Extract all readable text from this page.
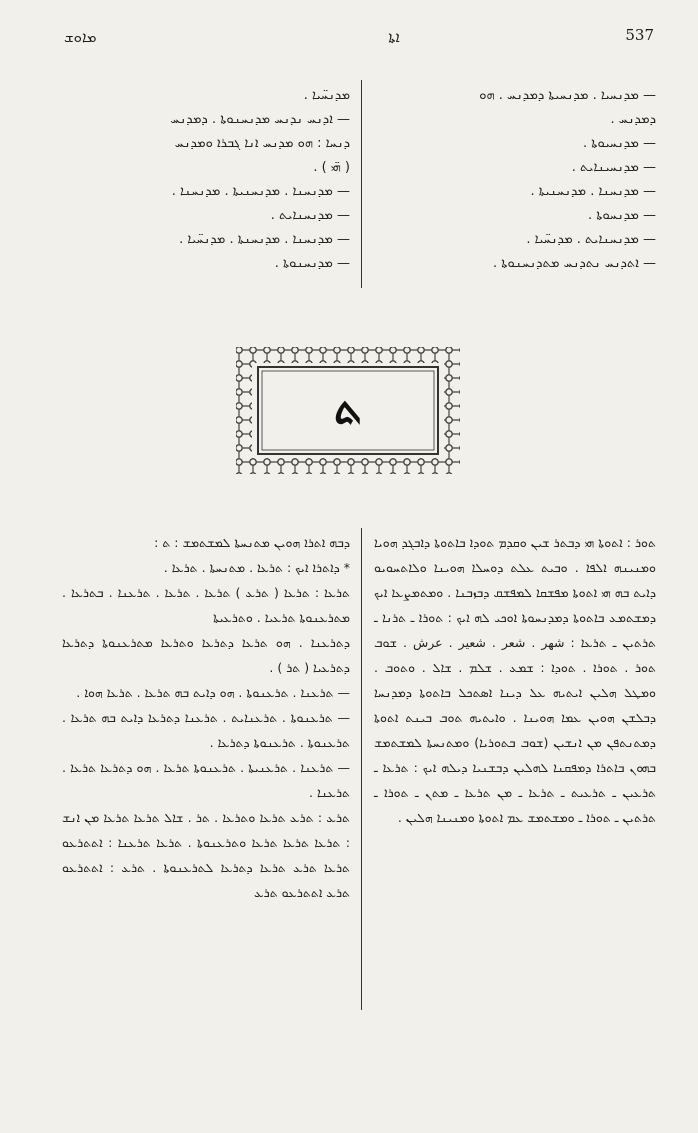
ܡܐܘܫ	ܐܬܐ	537
— ܡܕܢܚܝܐ . ܡܕܢܚܝܬܐ ܕܡܕܢܚ . ܗܘ
ܕܡܕܢܚ .
— ܡܕܢܚܝܘܬܐ .
— ܡܕܢܚܝܢܐܝܬ .
— ܡܕܢܚܢܐ . ܡܕܢܚܢܝܬܐ .
— ܡܕܢܚܘܬܐ .
— ܡܕܢܚܢܐܝܬ . ܡܕܢܚ̈ܝܐ .
— ܐܬܕܢܚ ܢܬܕܢܚ ܡܬܕܢܚܢܘܬܐ .
ܡܕܢܚ̈ܝܐ .
— ܐܕܢܚ ܢܕܢܚ ܡܕܢܚܢܘܬܐ . ܕܡܕܢܚ
ܕܢܚܐ : ܗܘ ܡܕܢܚ ܐܢܐ ܓܒܪܐ ܘܡܕܢܚ
( ܗ̈ܝ ) .
— ܡܕܢܚܢܐ . ܡܕܢܚܢܝܬܐ . ܡܕܢܚܢܐ .
— ܡܕܢܚܢܐܝܬ .
— ܡܕܢܚܢܐ . ܡܕܢܚܢܬܐ . ܡܕܢܚ̈ܝܐ .
— ܡܕܢܚܢܘܬܐ .
ܬ

ܬܘܪ : ܐܬܘܬܐ ܗܝ ܕܒܬܪ ܫܝܢ ܘܩܕܡ ܬܘܕܐ ܒܐܬܘܬܐ ܕܐܒܓܕ ܗܘܝܐ ܘܡܢܝܢܗ ܐܠܦܐ . ܘܒܝܬ ܥܠܬ ܕܘܚܠܐ ܗܘܝܢܐ ܘܠܐܬܚܘܝܘ ܕܐܝܬ ܒܗ ܗܝ ܐܬܘܬܐ ܡܦܫܩܐ ܠܡܦܫܩ ܕܒܙܒܢܐ . ܘܡܬܡܨܥܐ ܐܝܟ ܕܡܫܬܡܥ ܒܐܬܘܬܐ ܕܡܕܢܚܘܬܐ ܐܘܟܝ ܠܗ ܐܝܟ : ܬܘܪܐ ـ ܬܪܢܐ ـ ܬܪܬܝܢ ـ ܬܪܥܐ : شهر . شعر . شعير . عرش . ܫܘܒ ܬܘܪ . ܬܘܪܐ . ܬܘܕܐ : ܫܡܥ . ܫܠܡ . ܫܐܠ . ܘܬܘܒ . ܘܡܛܠ ܗܠܝܢ ܐܝܬܝܗ ܥܠ ܕܝܢܐ ܐܣܬܟܠ ܒܐܬܘܬܐ ܕܡܕܢܚܐ ܕܒܠܫܢ ܗܘܝܢ ܥܡܐ ܗܘܝܢܐ . ܘܐܝܬܝܗ ܬܘܒ ܒܝܢܬ ܐܬܘܬܐ ܕܡܬܢܬܦܢ ܡܢ ܐܢܫܝܢ (ܫܘܒ ܒܬܘܪܝܐ) ܘܡܬܢܚܬܐ ܠܡܫܬܡܫ ܒܗܘܢ ܒܐܬܪܐ ܕܡܦܩܢܐ ܠܗܠܝܢ ܕܒܫܢܝܐ ܕܝܠܗ ܐܝܟ : ܬܪܥܐ ـ ܬܪܥܝܢ ـ ܬܪܥܝܬ ـ ܬܪܥܐ ـ ܡܢ ܬܪܥܐ ـ ܡܬܢ ـ ܬܘܪܐ ـ ܬܪܬܝܢ ـ ܬܘܪܐ ـ ܘܡܫܬܡܫ ܥܡ ܐܬܘܬܐ ܘܡܢܝܢܐ ܗܠܝܢ .

ܕܒܗ ܐܬܪܐ ܗܘܝܢ ܡܬܢܚܬܐ ܠܡܫܬܡܫ : ܬ :

* ܕܐܬܪܐ ܐܝܟ : ܬܪܥܐ . ܡܬܢܚܬܐ . ܬܪܥܐ .

ܬܪܥܐ : ܬܪܥܐ ( ܬܪܥ ) ܬܪܥܐ . ܬܪܥܐ . ܬܪܥܢܐ . ܒܬܪܥܐ . ܡܬܪܥܢܘܬܐ ܬܪܥܝܐ . ܘܬܪܥܝܬܐ

ܕܬܪܥܢܐ . ܗܘ ܬܪܥܐ ܕܬܪܥܐ ܘܬܪܥܐ ܡܬܪܥܢܘܬܐ ܕܬܪܥܐ ܕܬܪܥܝܐ ( ܬܪ ) .

— ܬܪܥܢܐ . ܬܪܥܢܘܬܐ . ܗܘ ܕܐܝܬ ܒܗ ܬܪܥܐ . ܬܪܥܐ ܗܘܐ .

— ܬܪܥܢܘܬܐ . ܬܪܥܢܐܝܬ . ܬܪܥܢܐ ܕܬܪܥܐ ܕܐܝܬ ܒܗ ܬܪܥܐ . ܬܪܥܢܘܬܐ . ܬܪܥܢܘܬܐ ܕܬܪܥܐ .

— ܬܪܥܢܐ . ܬܪܥܢܝܬܐ . ܬܪܥܢܘܬܐ ܬܪܥܐ . ܗܘ ܕܬܪܥܐ ܬܪܥܐ . ܬܪܥܢܐ .

ܬܪܥ : ܬܪܥ ܬܪܥܐ ܘܬܪܥܐ . ܬܪ . ܫܐܠ ܬܪܥܐ ܬܪܥܐ ܡܢ ܐܢܫ : ܬܪܥܐ ܬܪܥܐ ܬܪܥܐ ܘܬܪܥܢܘܬܐ . ܬܪܥܐ ܬܪܥܢܐ : ܐܬܬܪܥܘ ܬܪܥܐ ܬܪܥ ܬܪܥܐ ܕܬܪܥܐ ܠܬܪܥܢܘܬܐ . ܬܪܥ : ܐܬܬܪܥܘ ܬܪܥ ܐܬܬܪܥܘ ܬܪܥ
